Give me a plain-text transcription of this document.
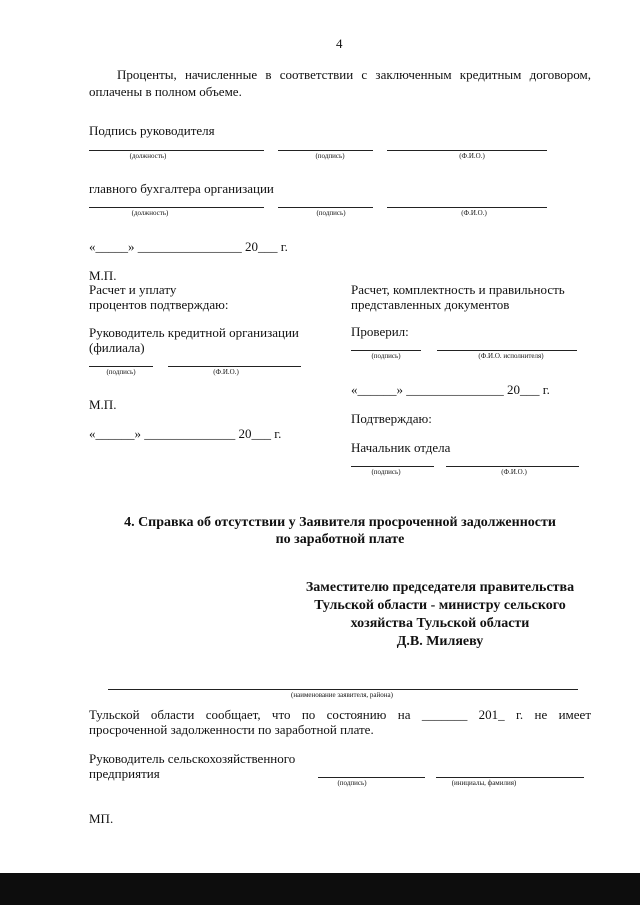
4
Проценты, начисленные в соответствии с заключенным кредитным договором, оплачены в полном объеме.
Подпись руководителя
(должность)	(подпись)	(Ф.И.О.)
главного бухгалтера организации
(должность)	(подпись)	(Ф.И.О.)
«_____» ________________ 20___ г.
М.П.
Расчет и уплату
процентов подтверждаю:
Руководитель кредитной организации
(филиала)
(подпись)	(Ф.И.О.)
М.П.
«______» ______________ 20___ г.
Расчет, комплектность и правильность
представленных документов
Проверил:
(подпись)	(Ф.И.О. исполнителя)
«______» _______________ 20___ г.
Подтверждаю:
Начальник отдела
(подпись)	(Ф.И.О.)
4. Справка об отсутствии у Заявителя просроченной задолженности
по заработной плате
Заместителю председателя правительства
Тульской области - министру сельского
хозяйства Тульской области
Д.В. Миляеву
(наименование заявителя, района)
Тульской области сообщает, что по состоянию на _______ 201_ г. не имеет
просроченной задолженности по заработной плате.
Руководитель сельскохозяйственного
предприятия
(подпись)	(инициалы, фамилия)
МП.
